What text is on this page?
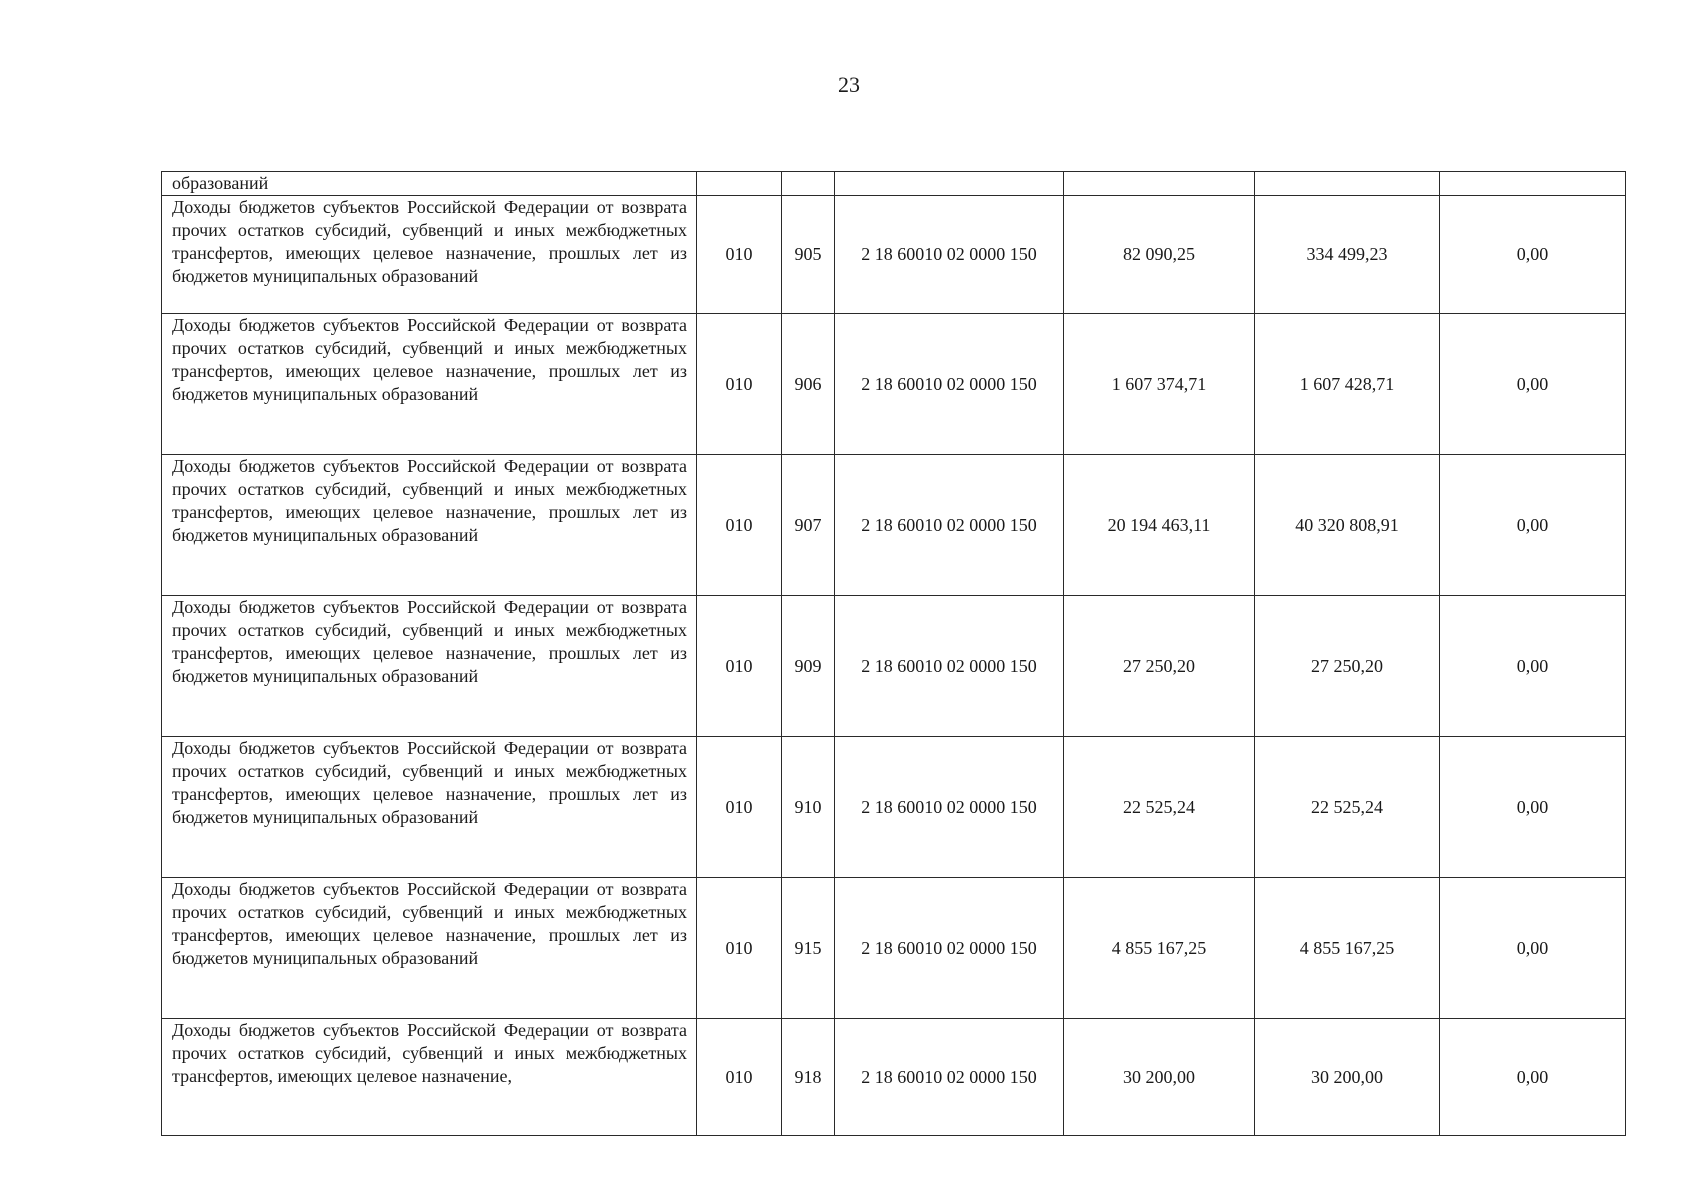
23
образований						
Доходы бюджетов субъектов Российской Федерации от возврата прочих остатков субсидий, субвенций и иных межбюджетных трансфертов, имеющих целевое назначение, прошлых лет из бюджетов муниципальных образований	010	905	2 18 60010 02 0000 150	82 090,25	334 499,23	0,00
Доходы бюджетов субъектов Российской Федерации от возврата прочих остатков субсидий, субвенций и иных межбюджетных трансфертов, имеющих целевое назначение, прошлых лет из бюджетов муниципальных образований	010	906	2 18 60010 02 0000 150	1 607 374,71	1 607 428,71	0,00
Доходы бюджетов субъектов Российской Федерации от возврата прочих остатков субсидий, субвенций и иных межбюджетных трансфертов, имеющих целевое назначение, прошлых лет из бюджетов муниципальных образований	010	907	2 18 60010 02 0000 150	20 194 463,11	40 320 808,91	0,00
Доходы бюджетов субъектов Российской Федерации от возврата прочих остатков субсидий, субвенций и иных межбюджетных трансфертов, имеющих целевое назначение, прошлых лет из бюджетов муниципальных образований	010	909	2 18 60010 02 0000 150	27 250,20	27 250,20	0,00
Доходы бюджетов субъектов Российской Федерации от возврата прочих остатков субсидий, субвенций и иных межбюджетных трансфертов, имеющих целевое назначение, прошлых лет из бюджетов муниципальных образований	010	910	2 18 60010 02 0000 150	22 525,24	22 525,24	0,00
Доходы бюджетов субъектов Российской Федерации от возврата прочих остатков субсидий, субвенций и иных межбюджетных трансфертов, имеющих целевое назначение, прошлых лет из бюджетов муниципальных образований	010	915	2 18 60010 02 0000 150	4 855 167,25	4 855 167,25	0,00
Доходы бюджетов субъектов Российской Федерации от возврата прочих остатков субсидий, субвенций и иных межбюджетных трансфертов, имеющих целевое назначение,	010	918	2 18 60010 02 0000 150	30 200,00	30 200,00	0,00
